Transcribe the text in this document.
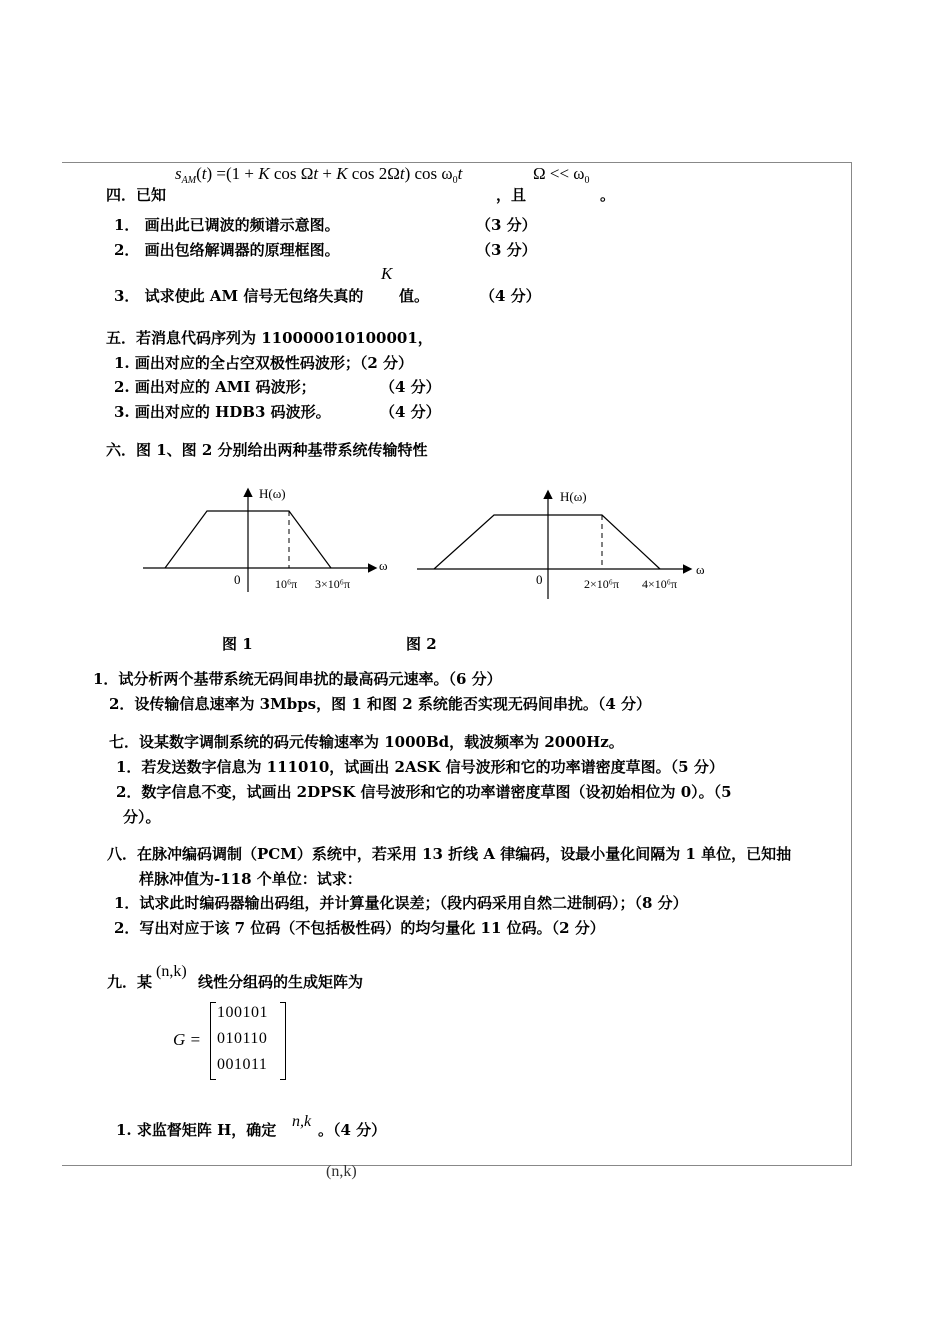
$s_{AM}(t) =(1 + K$ cos Ωt + K cos 2Ωt) $\cos \omega_0t$	$\Omega << \omega_0$
四．已知	，且	。
1． 画出此已调波的频谱示意图。	（3 分）
2． 画出包络解调器的原理框图。	（3 分）
K
3． 试求使此 AM 信号无包络失真的 值。	（4 分）
五．若消息代码序列为 110000010100001，
1. 画出对应的全占空双极性码波形；（2 分）
2. 画出对应的 AMI 码波形；	（4 分）
3. 画出对应的 HDB3 码波形。	（4 分）
六．图 1、图 2 分别给出两种基带系统传输特性
H(ω)
ω
0	10⁶π 3×10⁶π
H(ω)
ω
0	2×10⁶π 4×10⁶π
图 1	图 2
1．试分析两个基带系统无码间串扰的最高码元速率。（6 分）
2．设传输信息速率为 3Mbps，图 1 和图 2 系统能否实现无码间串扰。（4 分）
七．设某数字调制系统的码元传输速率为 1000Bd，载波频率为 2000Hz。
1．若发送数字信息为 111010，试画出 2ASK 信号波形和它的功率谱密度草图。（5 分）
2．数字信息不变，试画出 2DPSK 信号波形和它的功率谱密度草图（设初始相位为 0）。（5
分）。
八．在脉冲编码调制（PCM）系统中，若采用 13 折线 A 律编码，设最小量化间隔为 1 单位，已知抽
样脉冲值为-118 个单位：试求：
1．试求此时编码器输出码组，并计算量化误差；（段内码采用自然二进制码）；（8 分）
2．写出对应于该 7 位码（不包括极性码）的均匀量化 11 位码。（2 分）
九．某
(n,k)
线性分组码的生成矩阵为
G =
100101
010110
001011
1. 求监督矩阵 H，确定 n,k 。（4 分）
(n,k)
